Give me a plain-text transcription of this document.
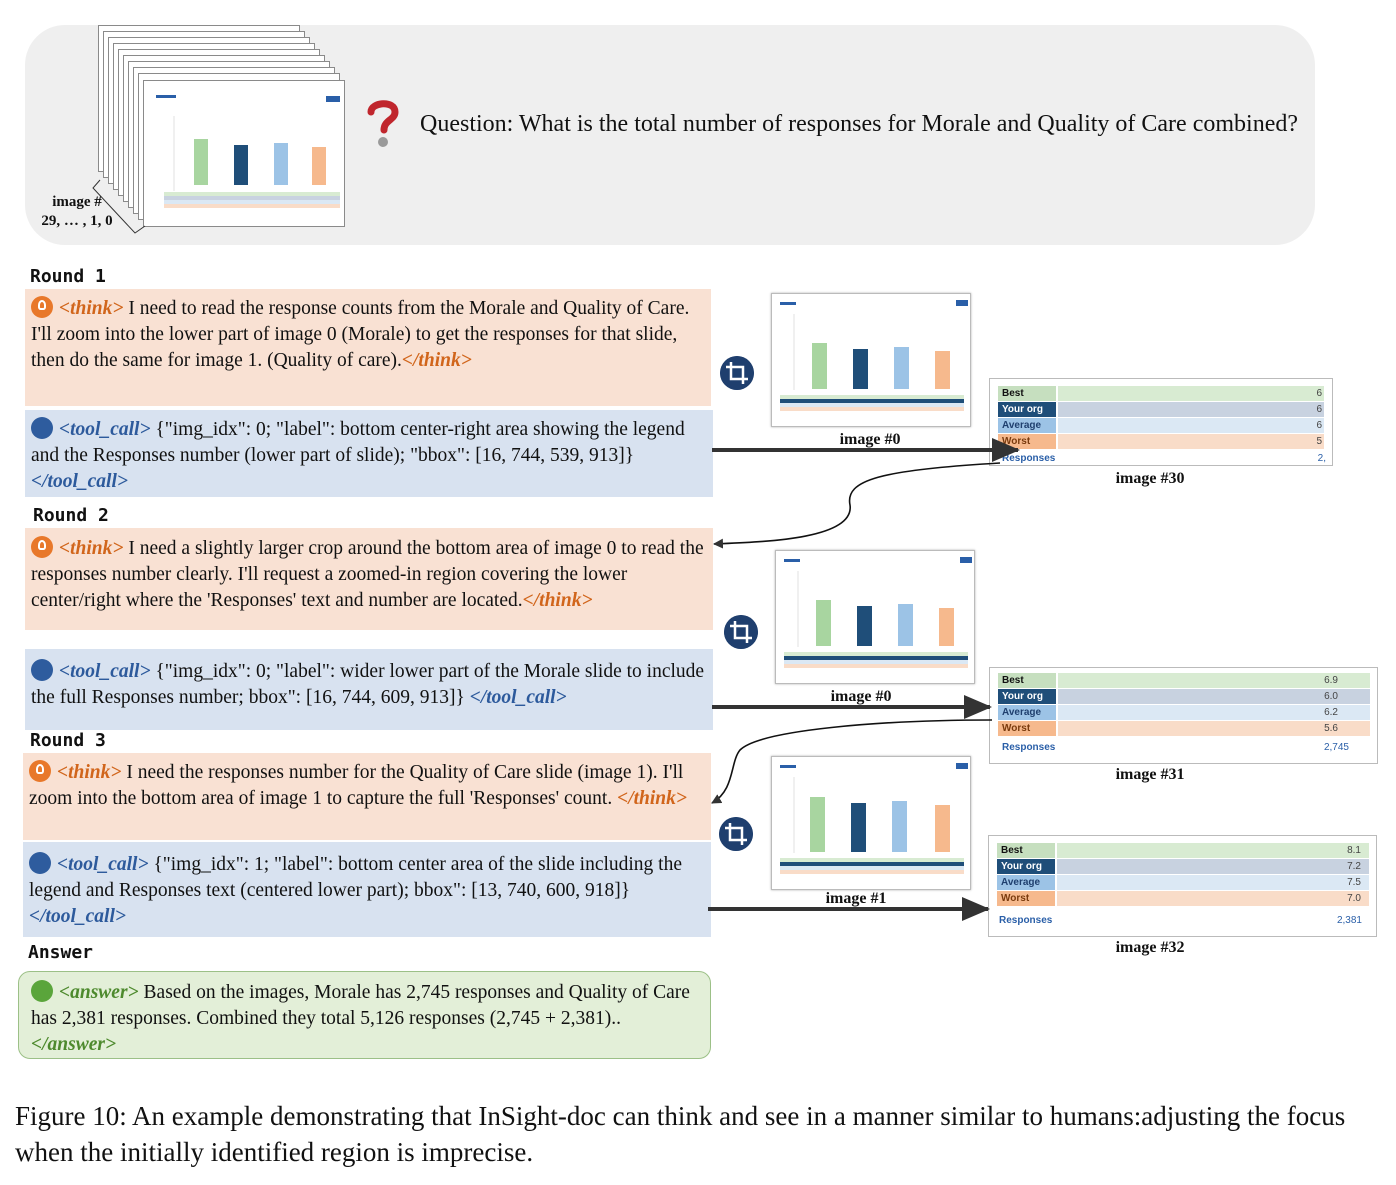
image #
29, … , 1, 0
Question: What is the total number of responses for Morale and Quality of Care combined?
Round 1
<think> I need to read the response counts from the Morale and Quality of Care. I'll zoom into the lower part of image 0 (Morale) to get the responses for that slide, then do the same for image 1. (Quality of care).</think>
<tool_call> {"img_idx": 0; "label": bottom center-right area showing the legend and the Responses number (lower part of slide); "bbox": [16, 744, 539, 913]} </tool_call>
Round 2
<think> I need a slightly larger crop around the bottom area of image 0 to read the responses number clearly. I'll request a zoomed-in region covering the lower center/right where the 'Responses' text and number are located.</think>
<tool_call> {"img_idx": 0; "label": wider lower part of the Morale slide to include the full Responses number; bbox": [16, 744, 609, 913]} </tool_call>
Round 3
<think> I need the responses number for the Quality of Care slide (image 1). I'll zoom into the bottom area of image 1 to capture the full 'Responses' count. </think>
<tool_call> {"img_idx": 1; "label": bottom center area of the slide including the legend and Responses text (centered lower part); bbox": [13, 740, 600, 918]} </tool_call>
Answer
<answer> Based on the images, Morale has 2,745 responses and Quality of Care has 2,381 responses. Combined they total 5,126 responses (2,745 + 2,381).. </answer>
image #0
image #0
image #1
Best	6
Your org	6
Average	6
Worst	5
Responses	2,
image #30
Best	6.9
Your org	6.0
Average	6.2
Worst	5.6
Responses	2,745
image #31
Best	8.1
Your org	7.2
Average	7.5
Worst	7.0
Responses	2,381
image #32
Figure 10: An example demonstrating that InSight-doc can think and see in a manner similar to humans:adjusting the focus when the initially identified region is imprecise.
